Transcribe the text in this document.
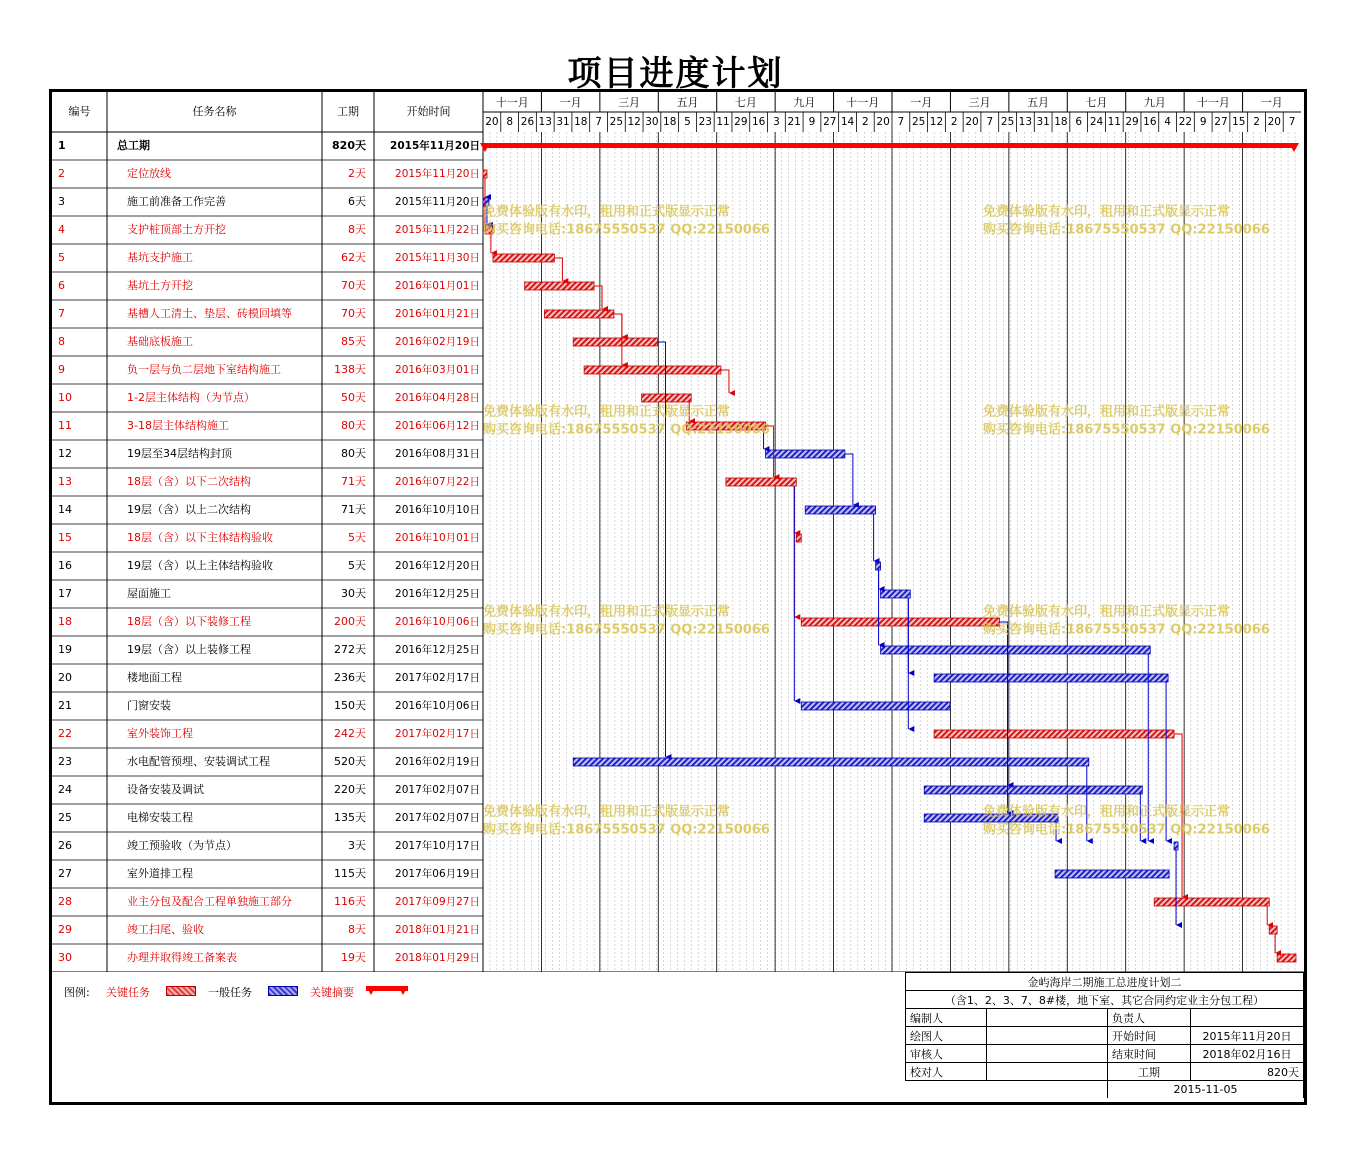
项目进度计划
十一月	一月	三月	五月	七月	九月	十一月	一月	三月	五月	七月	九月	十一月	一月
20 8 26 13 31 18 7 25 12 30 18 5 23 11 29 16 3 21 9 27 14 2 20 7 25 12 2 20 7 25 13 31 18 6 24 11 29 16 4 22 9 27 15 2 20 7
编号	任务名称	工期	开始时间
1	总工期	820天 2015年11月20日
2	定位放线	2天	2015年11月20日
3	施工前准备工作完善	6天	2015年11月20日
4	支护桩顶部土方开挖	8天	2015年11月22日
5	基坑支护施工	62天	2015年11月30日
6	基坑土方开挖	70天	2016年01月01日
7	基槽人工清土、垫层、砖模回填等	70天	2016年01月21日
8	基础底板施工	85天	2016年02月19日
9	负一层与负二层地下室结构施工	138天	2016年03月01日
10	1-2层主体结构（为节点）	50天	2016年04月28日
11	3-18层主体结构施工	80天	2016年06月12日
12	19层至34层结构封顶	80天	2016年08月31日
13	18层（含）以下二次结构	71天	2016年07月22日
14	19层（含）以上二次结构	71天	2016年10月10日
15	18层（含）以下主体结构验收	5天	2016年10月01日
16	19层（含）以上主体结构验收	5天	2016年12月20日
17	屋面施工	30天	2016年12月25日
18	18层（含）以下装修工程	200天	2016年10月06日
19	19层（含）以上装修工程	272天	2016年12月25日
20	楼地面工程	236天	2017年02月17日
21	门窗安装	150天	2016年10月06日
22	室外装饰工程	242天	2017年02月17日
23	水电配管预埋、安装调试工程	520天	2016年02月19日
24	设备安装及调试	220天	2017年02月07日
25	电梯安装工程	135天	2017年02月07日
26	竣工预验收（为节点）	3天	2017年10月17日
27	室外道排工程	115天	2017年06月19日
28	业主分包及配合工程单独施工部分	116天	2017年09月27日
29	竣工扫尾、验收	8天	2018年01月21日
30	办理并取得竣工备案表	19天	2018年01月29日
免费体验版有水印，租用和正式版显示正常
购买咨询电话:18675550537 QQ:22150066
免费体验版有水印，租用和正式版显示正常
购买咨询电话:18675550537 QQ:22150066
免费体验版有水印，租用和正式版显示正常
购买咨询电话:18675550537 QQ:22150066
免费体验版有水印，租用和正式版显示正常
购买咨询电话:18675550537 QQ:22150066
免费体验版有水印，租用和正式版显示正常
购买咨询电话:18675550537 QQ:22150066
免费体验版有水印，租用和正式版显示正常
购买咨询电话:18675550537 QQ:22150066
免费体验版有水印，租用和正式版显示正常
购买咨询电话:18675550537 QQ:22150066
免费体验版有水印，租用和正式版显示正常
购买咨询电话:18675550537 QQ:22150066
图例: 关键任务	一般任务	关键摘要
金屿海岸二期施工总进度计划二			
（含1、2、3、7、8#楼，地下室、其它合同约定业主分包工程）			
编制人		负责人	
绘图人		开始时间	2015年11月20日
审核人		结束时间	2018年02月16日
校对人		工期	820天
		2015-11-05	
